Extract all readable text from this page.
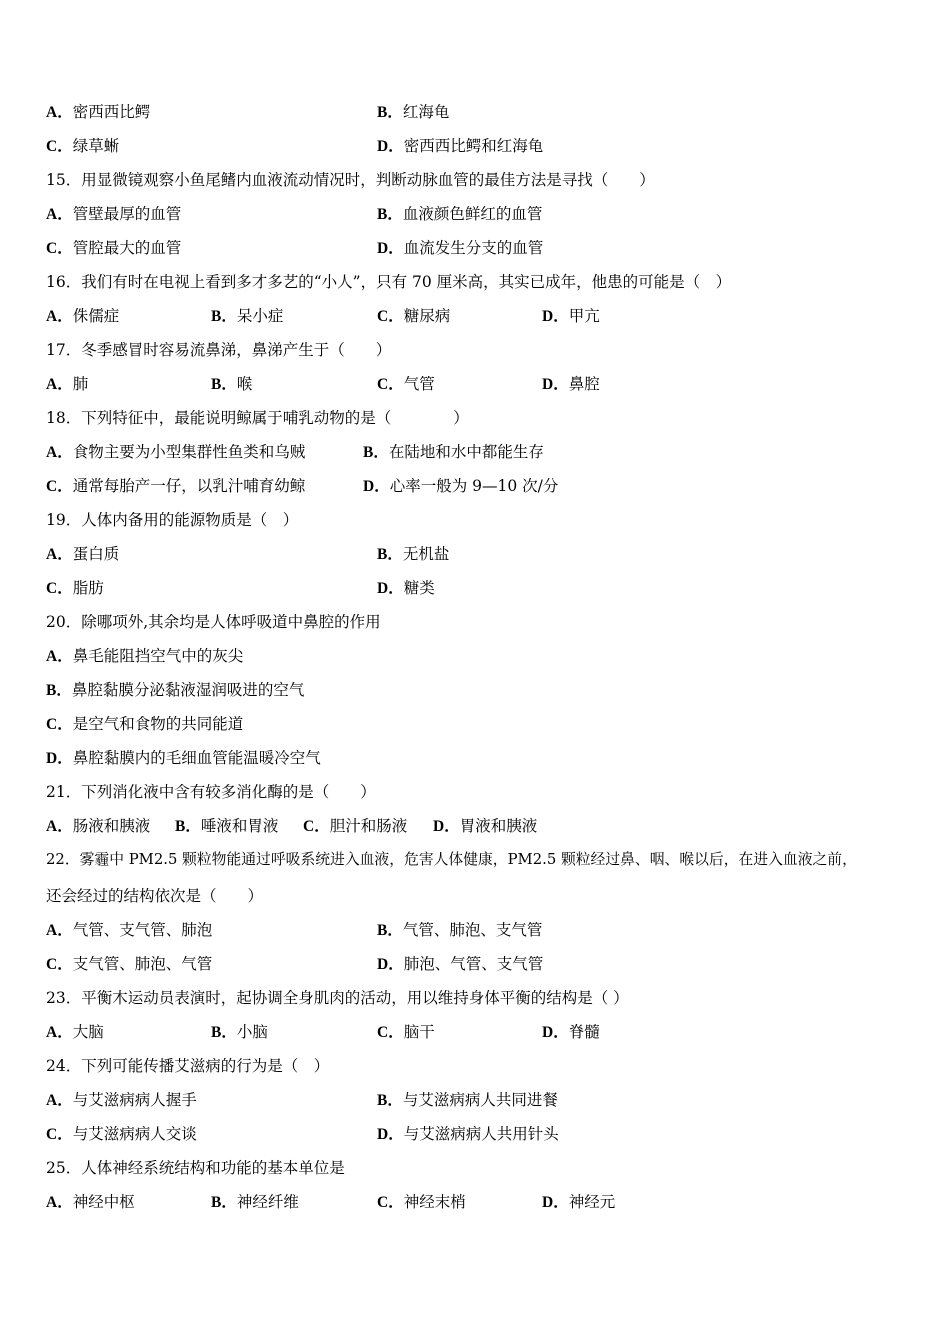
A．密西西比鳄	B．红海龟
C．绿草蜥	D．密西西比鳄和红海龟
15．用显微镜观察小鱼尾鳍内血液流动情况时，判断动脉血管的最佳方法是寻找（　　）
A．管壁最厚的血管	B．血液颜色鲜红的血管
C．管腔最大的血管	D．血流发生分支的血管
16．我们有时在电视上看到多才多艺的“小人”，只有 70 厘米高，其实已成年，他患的可能是（　）
A．侏儒症	B．呆小症	C．糖尿病	D．甲亢
17．冬季感冒时容易流鼻涕，鼻涕产生于（　　）
A．肺	B．喉	C．气管	D．鼻腔
18．下列特征中，最能说明鲸属于哺乳动物的是（　　　　）
A．食物主要为小型集群性鱼类和乌贼	B．在陆地和水中都能生存
C．通常每胎产一仔，以乳汁哺育幼鲸	D．心率一般为 9—10 次/分
19．人体内备用的能源物质是（　）
A．蛋白质	B．无机盐
C．脂肪	D．糖类
20．除哪项外,其余均是人体呼吸道中鼻腔的作用
A．鼻毛能阻挡空气中的灰尖
B．鼻腔黏膜分泌黏液湿润吸进的空气
C．是空气和食物的共同能道
D．鼻腔黏膜内的毛细血管能温暖冷空气
21．下列消化液中含有较多消化酶的是（　　）
A．肠液和胰液 B．唾液和胃液 C．胆汁和肠液 D．胃液和胰液
22．雾霾中 PM2.5 颗粒物能通过呼吸系统进入血液，危害人体健康，PM2.5 颗粒经过鼻、咽、喉以后，在进入血液之前，
还会经过的结构依次是（　　）
A．气管、支气管、肺泡	B．气管、肺泡、支气管
C．支气管、肺泡、气管	D．肺泡、气管、支气管
23．平衡木运动员表演时，起协调全身肌肉的活动，用以维持身体平衡的结构是（ ）
A．大脑	B．小脑	C．脑干	D．脊髓
24．下列可能传播艾滋病的行为是（　）
A．与艾滋病病人握手	B．与艾滋病病人共同进餐
C．与艾滋病病人交谈	D．与艾滋病病人共用针头
25．人体神经系统结构和功能的基本单位是
A．神经中枢	B．神经纤维	C．神经末梢	D．神经元
